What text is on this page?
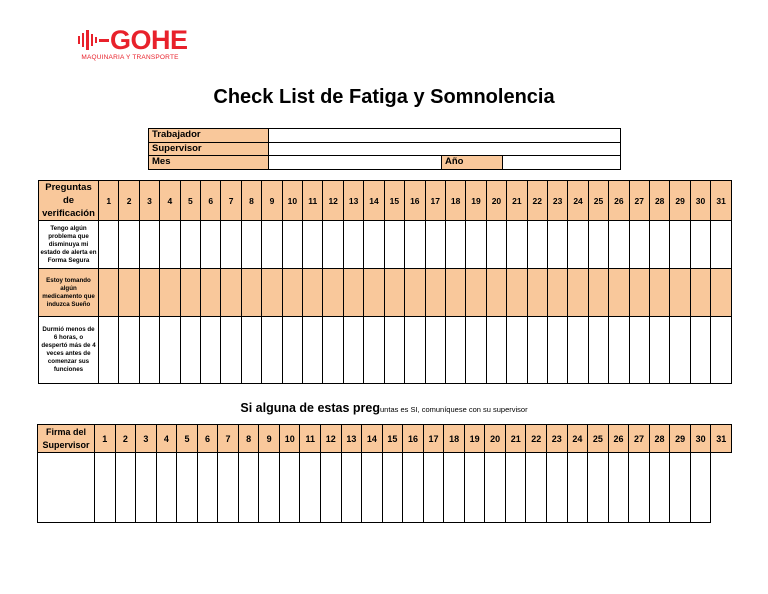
GOHE
MAQUINARIA Y TRANSPORTE
Check List de Fatiga y Somnolencia
Trabajador			
Supervisor			
Mes		Año	
Preguntas de verificación	1	2	3	4	5	6	7	8	9	10	11	12	13	14	15	16	17	18	19	20	21	22	23	24	25	26	27	28	29	30	31
Tengo algún problema que disminuya mi estado de alerta en Forma Segura																															
Estoy tomando algún medicamento que induzca Sueño																															
Durmió menos de 6 horas, o despertó más de 4 veces antes de comenzar sus funciones																															
Si alguna de estas preguntas es SI, comuníquese con su supervisor
Firma del Supervisor	1	2	3	4	5	6	7	8	9	10	11	12	13	14	15	16	17	18	19	20	21	22	23	24	25	26	27	28	29	30	31
